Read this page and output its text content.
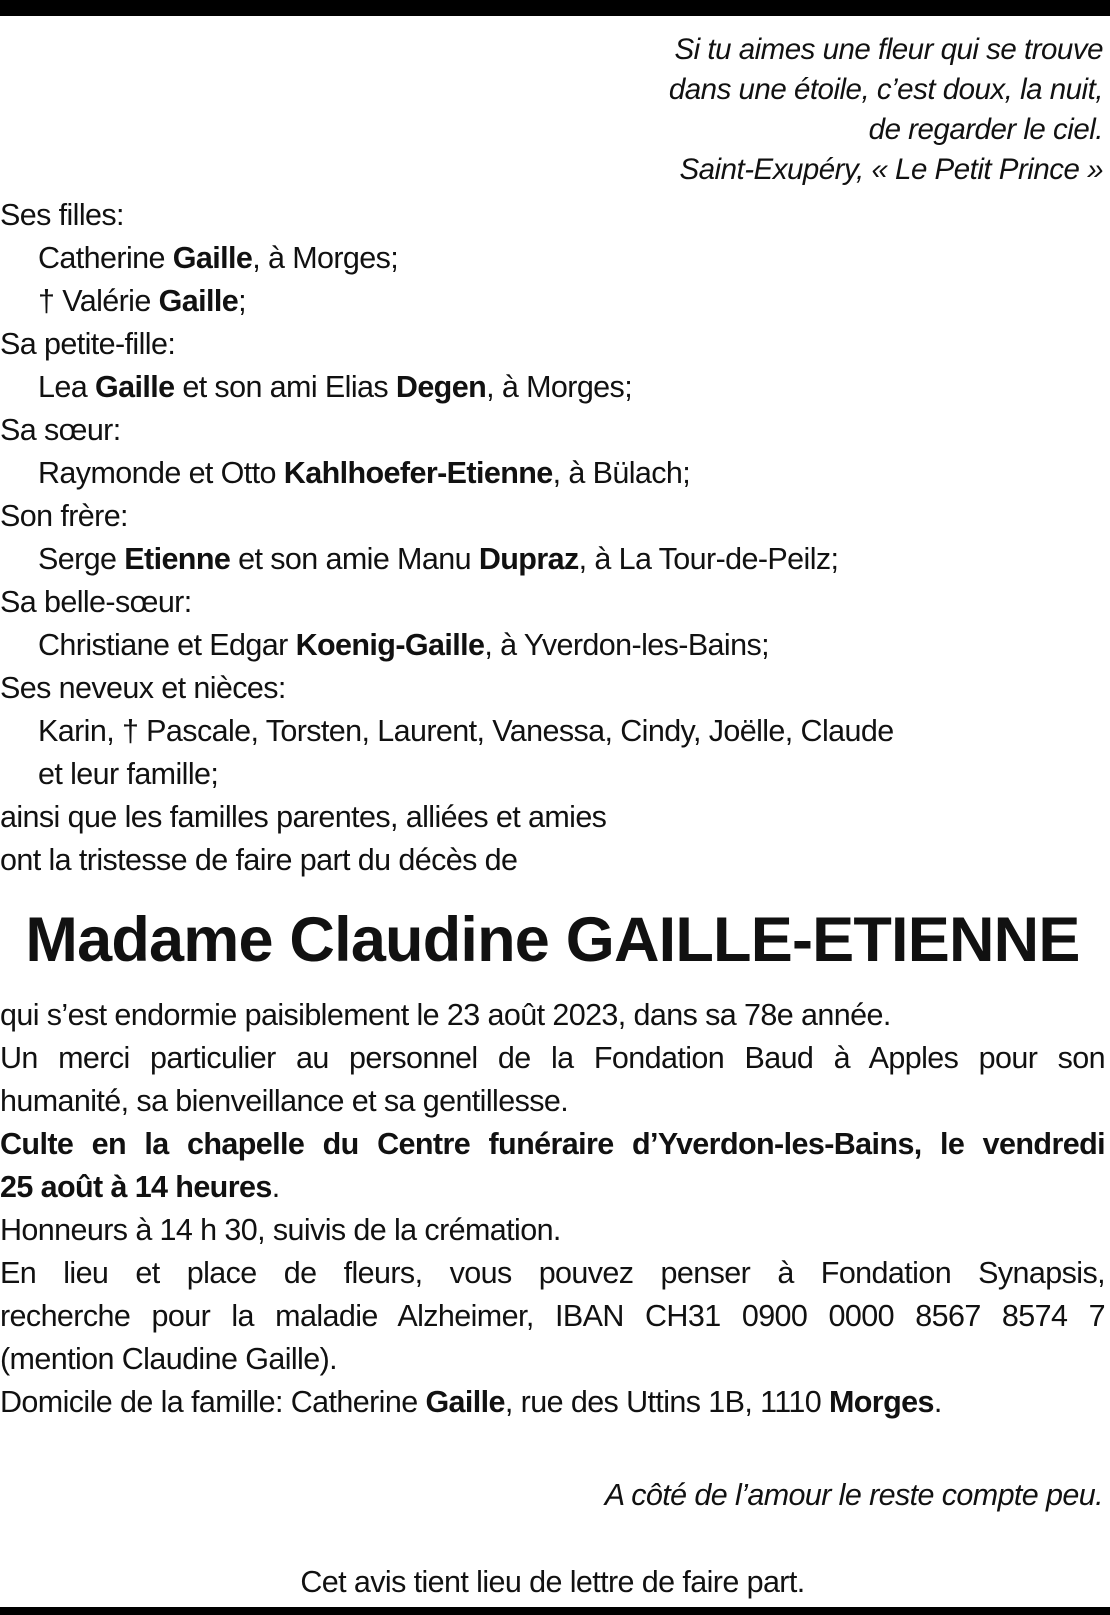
Si tu aimes une fleur qui se trouve
dans une étoile, c’est doux, la nuit,
de regarder le ciel.
Saint-Exupéry, « Le Petit Prince »
Ses filles:
Catherine Gaille, à Morges;
† Valérie Gaille;
Sa petite-fille:
Lea Gaille et son ami Elias Degen, à Morges;
Sa sœur:
Raymonde et Otto Kahlhoefer-Etienne, à Bülach;
Son frère:
Serge Etienne et son amie Manu Dupraz, à La Tour-de-Peilz;
Sa belle-sœur:
Christiane et Edgar Koenig-Gaille, à Yverdon-les-Bains;
Ses neveux et nièces:
Karin, † Pascale, Torsten, Laurent, Vanessa, Cindy, Joëlle, Claude
et leur famille;
ainsi que les familles parentes, alliées et amies
ont la tristesse de faire part du décès de
Madame Claudine GAILLE-ETIENNE
qui s’est endormie paisiblement le 23 août 2023, dans sa 78e année.
Un merci particulier au personnel de la Fondation Baud à Apples pour son
humanité, sa bienveillance et sa gentillesse.
Culte en la chapelle du Centre funéraire d’Yverdon-les-Bains, le vendredi
25 août à 14 heures.
Honneurs à 14 h 30, suivis de la crémation.
En lieu et place de fleurs, vous pouvez penser à Fondation Synapsis,
recherche pour la maladie Alzheimer, IBAN CH31 0900 0000 8567 8574 7
(mention Claudine Gaille).
Domicile de la famille: Catherine Gaille, rue des Uttins 1B, 1110 Morges.
A côté de l’amour le reste compte peu.
Cet avis tient lieu de lettre de faire part.
